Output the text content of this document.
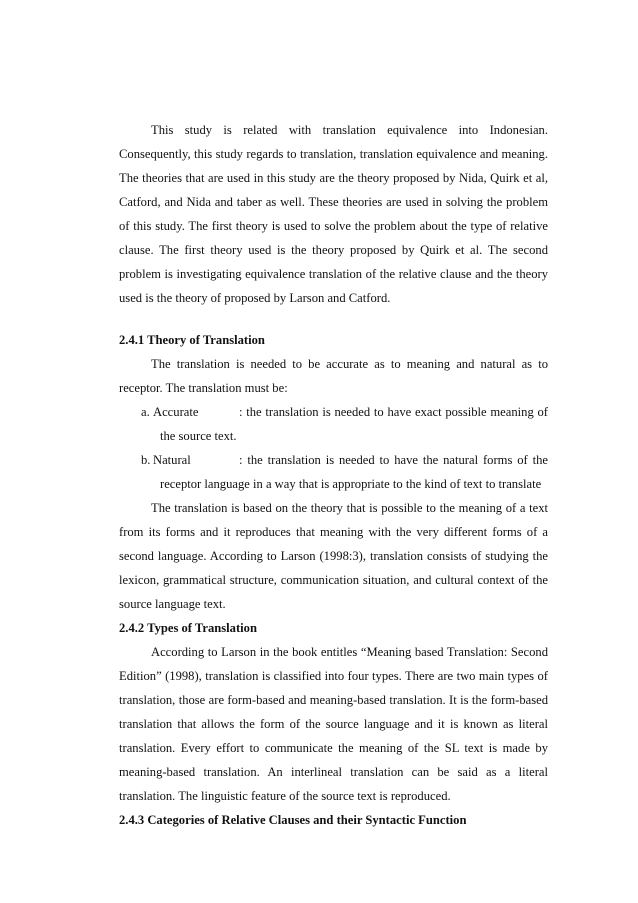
This study is related with translation equivalence into Indonesian. Consequently, this study regards to translation, translation equivalence and meaning. The theories that are used in this study are the theory proposed by Nida, Quirk et al, Catford, and Nida and taber as well. These theories are used in solving the problem of this study. The first theory is used to solve the problem about the type of relative clause. The first theory used is the theory proposed by Quirk et al. The second problem is investigating equivalence translation of the relative clause and the theory used is the theory of proposed by Larson and Catford.

2.4.1 Theory of Translation

The translation is needed to be accurate as to meaning and natural as to receptor. The translation must be:

a. Accurate	: the translation is needed to have exact possible meaning of
the source text.
b. Natural	: the translation is needed to have the natural forms of the
receptor language in a way that is appropriate to the kind of text to translate

The translation is based on the theory that is possible to the meaning of a text from its forms and it reproduces that meaning with the very different forms of a second language. According to Larson (1998:3), translation consists of studying the lexicon, grammatical structure, communication situation, and cultural context of the source language text.

2.4.2 Types of Translation

According to Larson in the book entitles “Meaning based Translation: Second Edition” (1998), translation is classified into four types. There are two main types of translation, those are form-based and meaning-based translation. It is the form-based translation that allows the form of the source language and it is known as literal translation. Every effort to communicate the meaning of the SL text is made by meaning-based translation. An interlineal translation can be said as a literal translation. The linguistic feature of the source text is reproduced.

2.4.3 Categories of Relative Clauses and their Syntactic Function
